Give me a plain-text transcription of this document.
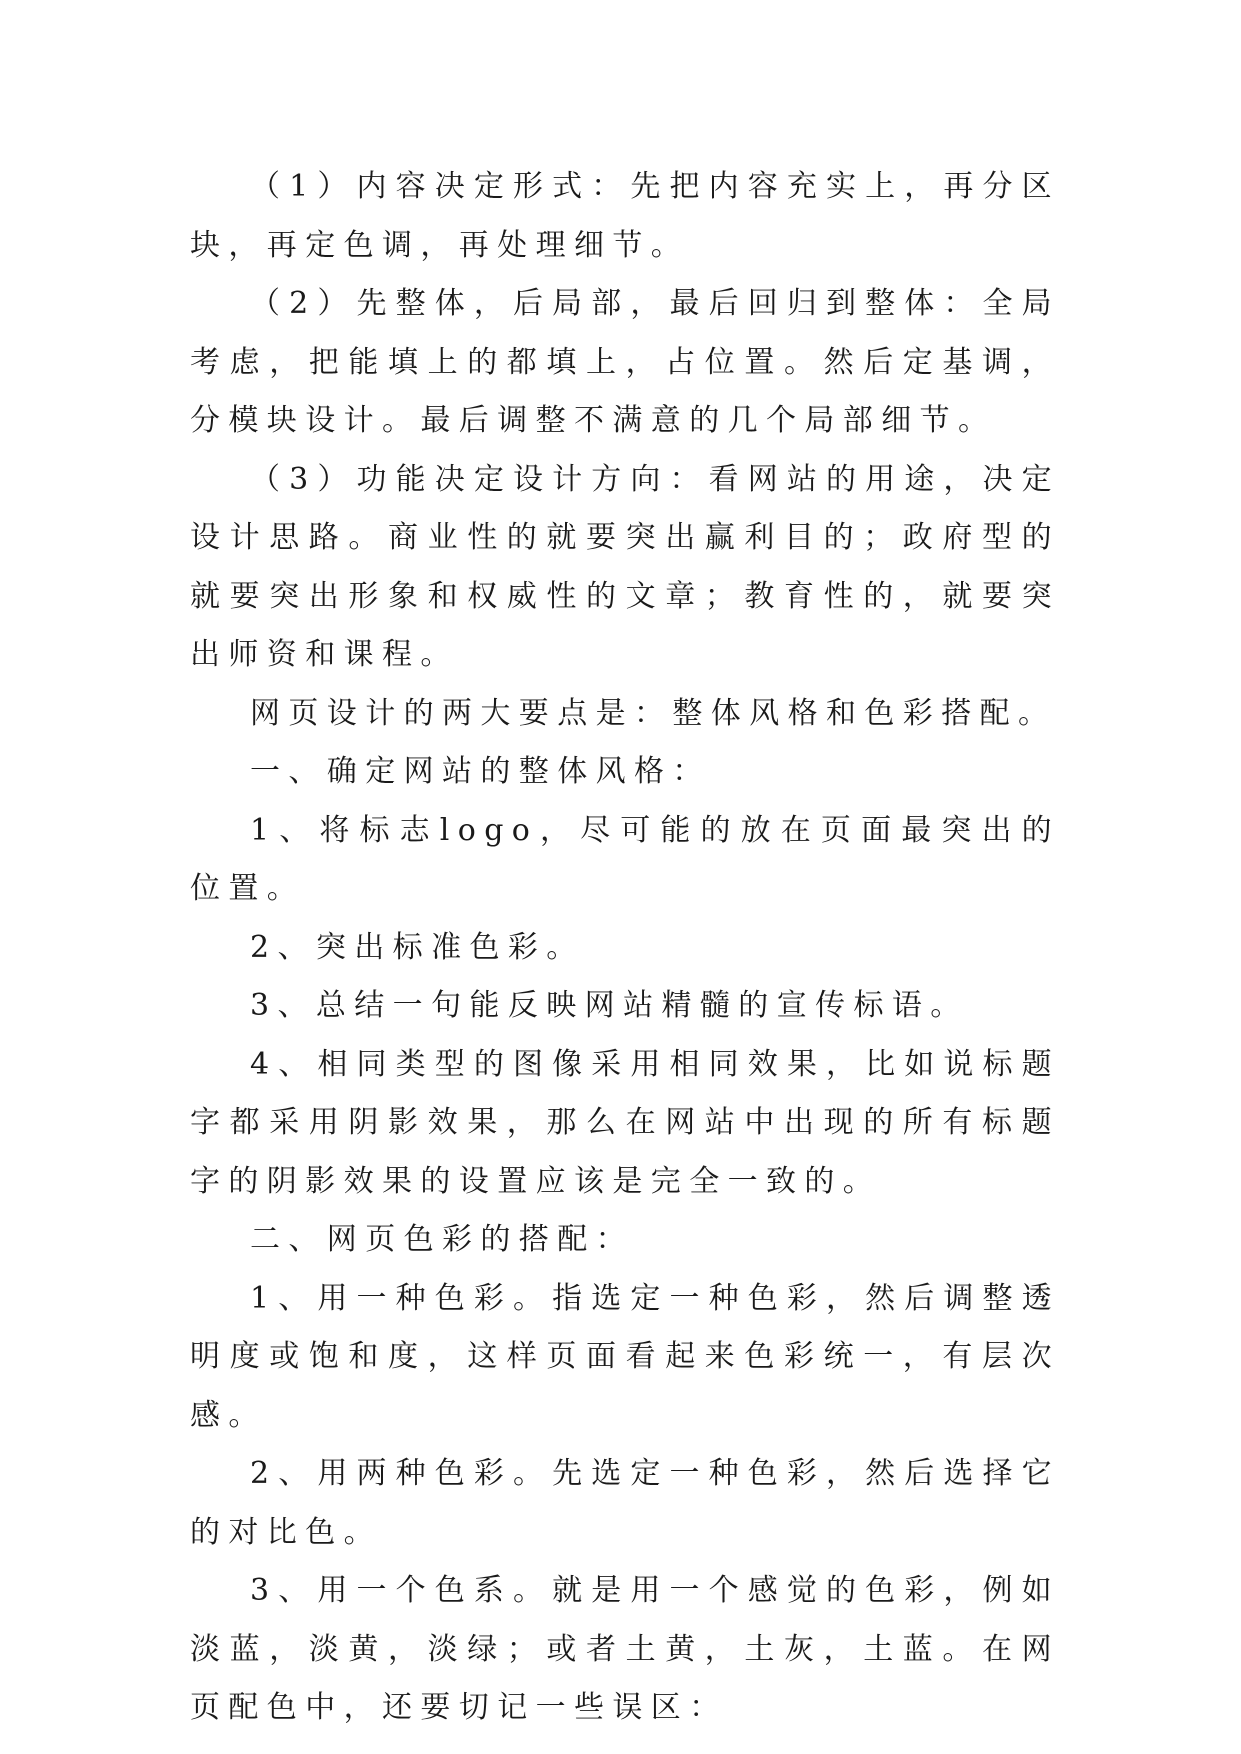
（1）内容决定形式：先把内容充实上，再分区块，再定色调，再处理细节。

（2）先整体，后局部，最后回归到整体：全局考虑，把能填上的都填上，占位置。然后定基调，分模块设计。最后调整不满意的几个局部细节。

（3）功能决定设计方向：看网站的用途，决定设计思路。商业性的就要突出赢利目的；政府型的就要突出形象和权威性的文章；教育性的，就要突出师资和课程。

网页设计的两大要点是：整体风格和色彩搭配。

一、确定网站的整体风格：

1、将标志logo，尽可能的放在页面最突出的位置。

2、突出标准色彩。

3、总结一句能反映网站精髓的宣传标语。

4、相同类型的图像采用相同效果，比如说标题字都采用阴影效果，那么在网站中出现的所有标题字的阴影效果的设置应该是完全一致的。

二、网页色彩的搭配：

1、用一种色彩。指选定一种色彩，然后调整透明度或饱和度，这样页面看起来色彩统一，有层次感。

2、用两种色彩。先选定一种色彩，然后选择它的对比色。

3、用一个色系。就是用一个感觉的色彩，例如淡蓝，淡黄，淡绿；或者土黄，土灰，土蓝。在网页配色中，还要切记一些误区：
